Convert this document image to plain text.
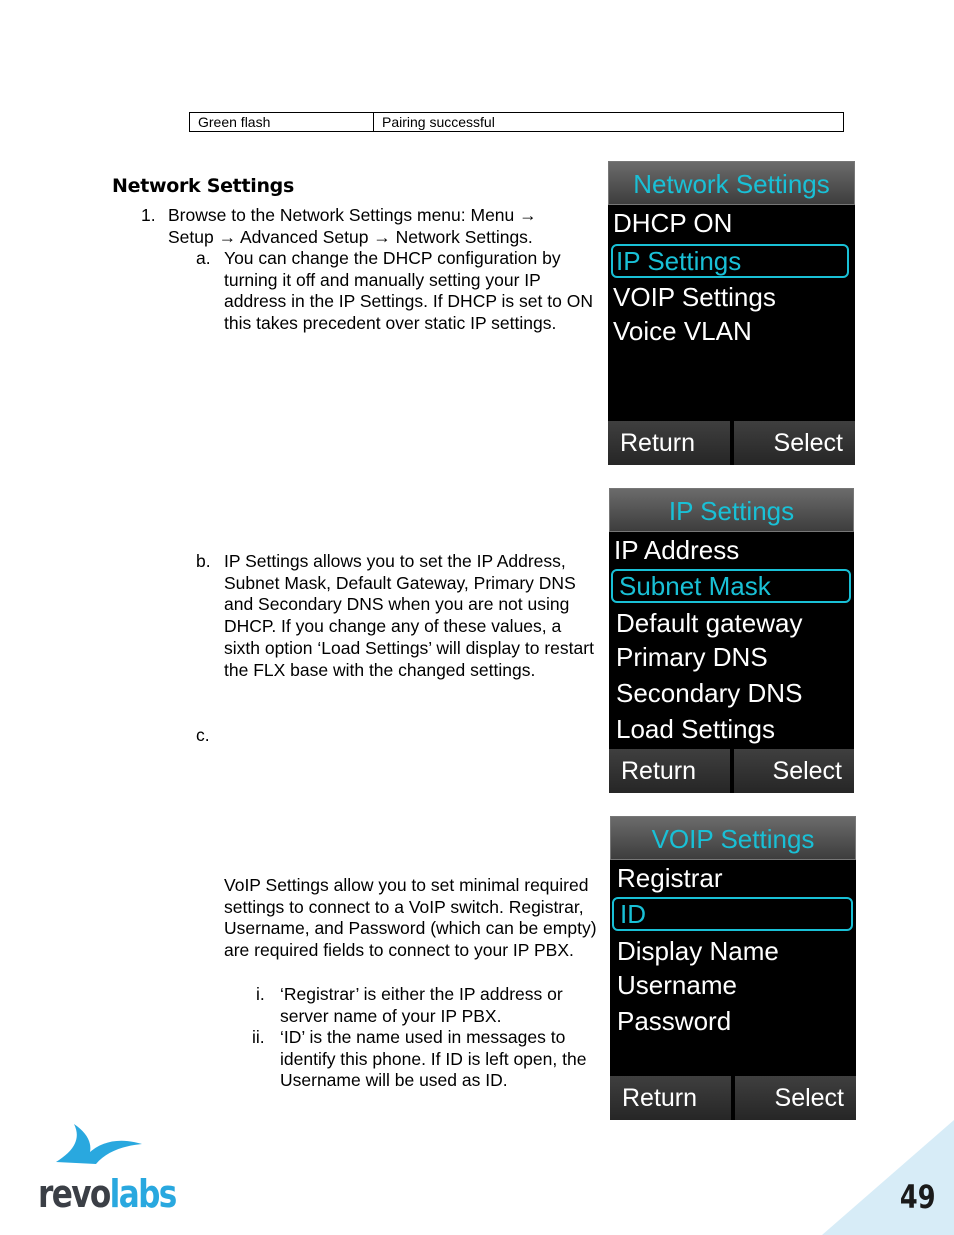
Green flash	Pairing successful
Network Settings
1. Browse to the Network Settings menu: Menu → Setup → Advanced Setup → Network Settings.
a. You can change the DHCP configuration by turning it off and manually setting your IP address in the IP Settings. If DHCP is set to ON this takes precedent over static IP settings.
b. IP Settings allows you to set the IP Address, Subnet Mask, Default Gateway, Primary DNS and Secondary DNS when you are not using DHCP. If you change any of these values, a sixth option ‘Load Settings’ will display to restart the FLX base with the changed settings.
c.
VoIP Settings allow you to set minimal required settings to connect to a VoIP switch. Registrar, Username, and Password (which can be empty) are required fields to connect to your IP PBX.
i. ‘Registrar’ is either the IP address or server name of your IP PBX.
ii. ‘ID’ is the name used in messages to identify this phone. If ID is left open, the Username will be used as ID.
Network Settings
DHCP ON
IP Settings
VOIP Settings
Voice VLAN
Return	Select
IP Settings
IP Address
Subnet Mask
Default gateway
Primary DNS
Secondary DNS
Load Settings
Return	Select
VOIP Settings
Registrar
ID
Display Name
Username
Password
Return	Select
revolabs	49
